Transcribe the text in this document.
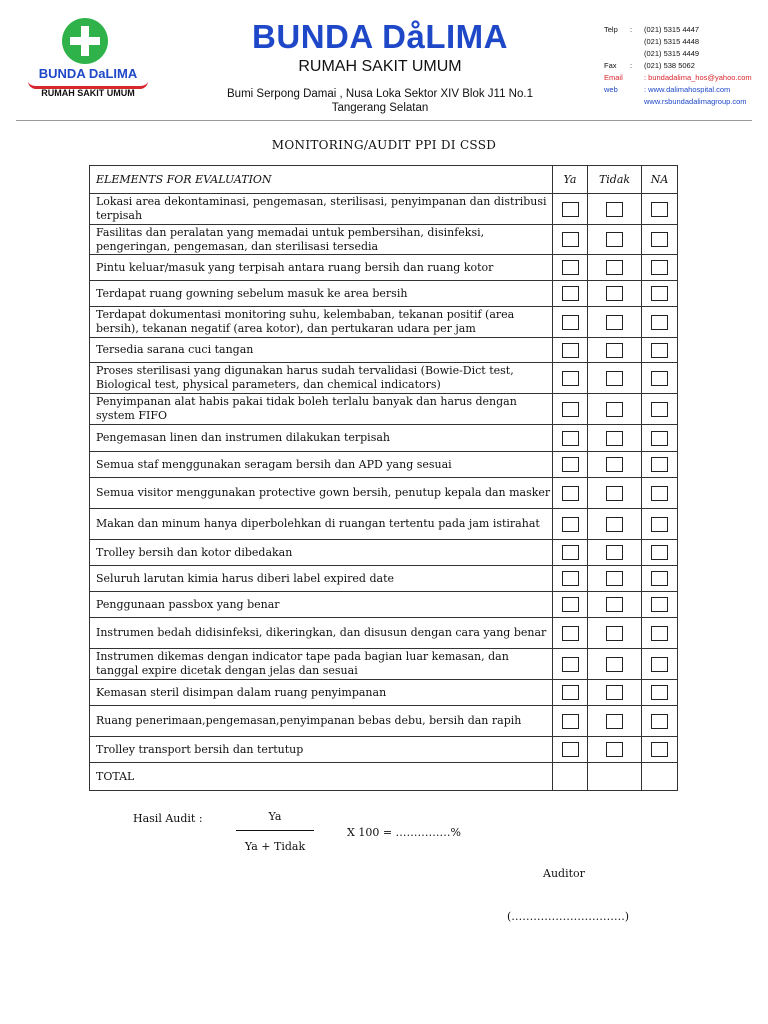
BUNDA DaLIMA
RUMAH SAKIT UMUM
BUNDA DåLIMA
RUMAH SAKIT UMUM
Bumi Serpong Damai , Nusa Loka Sektor XIV Blok J11 No.1
Tangerang Selatan
Telp	:	(021) 5315 4447
(021) 5315 4448
(021) 5315 4449
Fax	:	(021) 538 5062
Email	: bundadalima_hos@yahoo.com
web	: www.dalimahospital.com
www.rsbundadalimagroup.com
MONITORING/AUDIT PPI DI CSSD
ELEMENTS FOR EVALUATION	Ya	Tidak	NA
Lokasi area dekontaminasi, pengemasan, sterilisasi, penyimpanan dan distribusi terpisah			
Fasilitas dan peralatan yang memadai untuk pembersihan, disinfeksi, pengeringan, pengemasan, dan sterilisasi tersedia			
Pintu keluar/masuk yang terpisah antara ruang bersih dan ruang kotor			
Terdapat ruang gowning sebelum masuk ke area bersih			
Terdapat dokumentasi monitoring suhu, kelembaban, tekanan positif (area bersih), tekanan negatif (area kotor), dan pertukaran udara per jam			
Tersedia sarana cuci tangan			
Proses sterilisasi yang digunakan harus sudah tervalidasi (Bowie-Dict test, Biological test, physical parameters, dan chemical indicators)			
Penyimpanan alat habis pakai tidak boleh terlalu banyak dan harus dengan system FIFO			
Pengemasan linen dan instrumen dilakukan terpisah			
Semua staf menggunakan seragam bersih dan APD yang sesuai			
Semua visitor menggunakan protective gown bersih, penutup kepala dan masker			
Makan dan minum hanya diperbolehkan di ruangan tertentu pada jam istirahat			
Trolley bersih dan kotor dibedakan			
Seluruh larutan kimia harus diberi label expired date			
Penggunaan passbox yang benar			
Instrumen bedah didisinfeksi, dikeringkan, dan disusun dengan cara yang benar			
Instrumen dikemas dengan indicator tape pada bagian luar kemasan, dan tanggal expire dicetak dengan jelas dan sesuai			
Kemasan steril disimpan dalam ruang penyimpanan			
Ruang penerimaan,pengemasan,penyimpanan bebas debu, bersih dan rapih			
Trolley transport bersih dan tertutup			
TOTAL			
Hasil Audit :	Ya
Ya + Tidak
X 100 = ……………%
Auditor
(………………………….)
